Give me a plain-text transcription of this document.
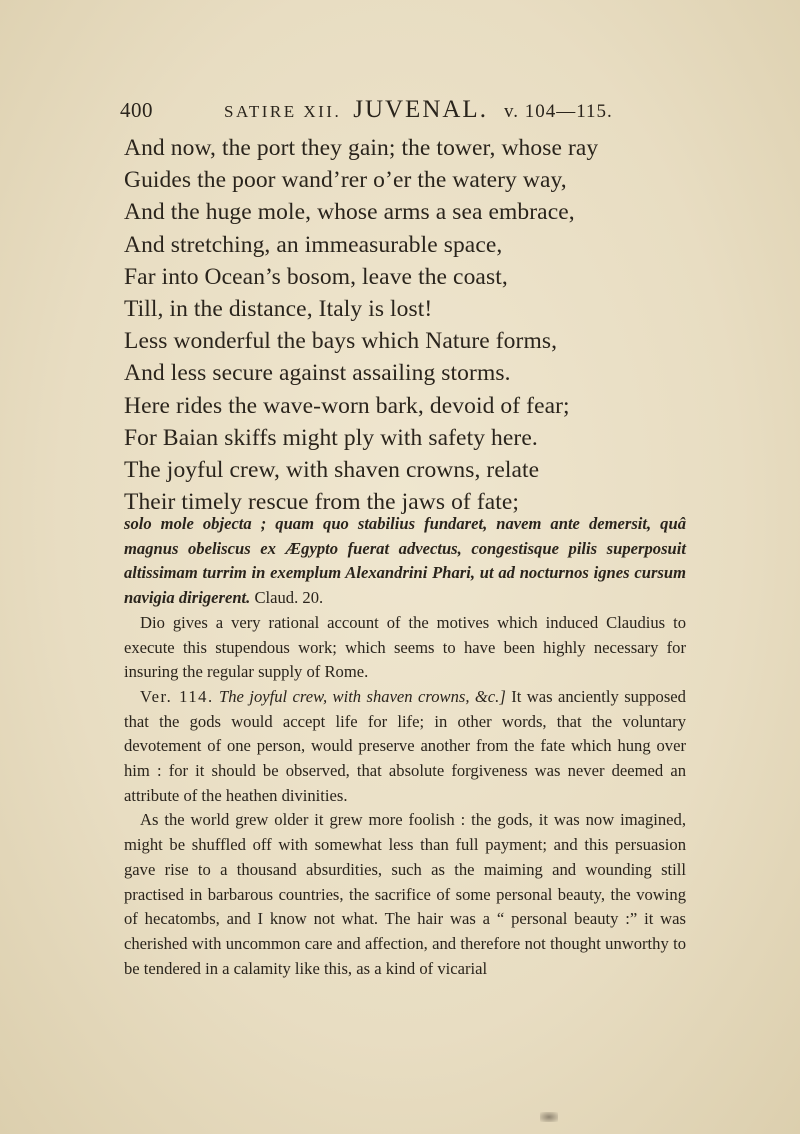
400	SATIRE XII. JUVENAL. v. 104—115.
And now, the port they gain; the tower, whose ray
Guides the poor wand’rer o’er the watery way,
And the huge mole, whose arms a sea embrace,
And stretching, an immeasurable space,
Far into Ocean’s bosom, leave the coast,
Till, in the distance, Italy is lost!
Less wonderful the bays which Nature forms,
And less secure against assailing storms.
Here rides the wave-worn bark, devoid of fear;
For Baian skiffs might ply with safety here.
The joyful crew, with shaven crowns, relate
Their timely rescue from the jaws of fate;

solo mole objecta ; quam quo stabilius fundaret, navem ante demersit, quâ magnus obeliscus ex Ægypto fuerat advectus, congestisque pilis superposuit altissimam turrim in exemplum Alexandrini Phari, ut ad nocturnos ignes cursum navigia dirigerent. Claud. 20.

Dio gives a very rational account of the motives which induced Claudius to execute this stupendous work; which seems to have been highly necessary for insuring the regular supply of Rome.

Ver. 114. The joyful crew, with shaven crowns, &c.] It was anciently supposed that the gods would accept life for life; in other words, that the voluntary devotement of one person, would preserve another from the fate which hung over him : for it should be observed, that absolute forgiveness was never deemed an attribute of the heathen divinities.

As the world grew older it grew more foolish : the gods, it was now imagined, might be shuffled off with somewhat less than full payment; and this persuasion gave rise to a thousand absurdities, such as the maiming and wounding still practised in barbarous countries, the sacrifice of some personal beauty, the vowing of hecatombs, and I know not what. The hair was a “ personal beauty :” it was cherished with uncommon care and affection, and therefore not thought unworthy to be tendered in a calamity like this, as a kind of vicarial
